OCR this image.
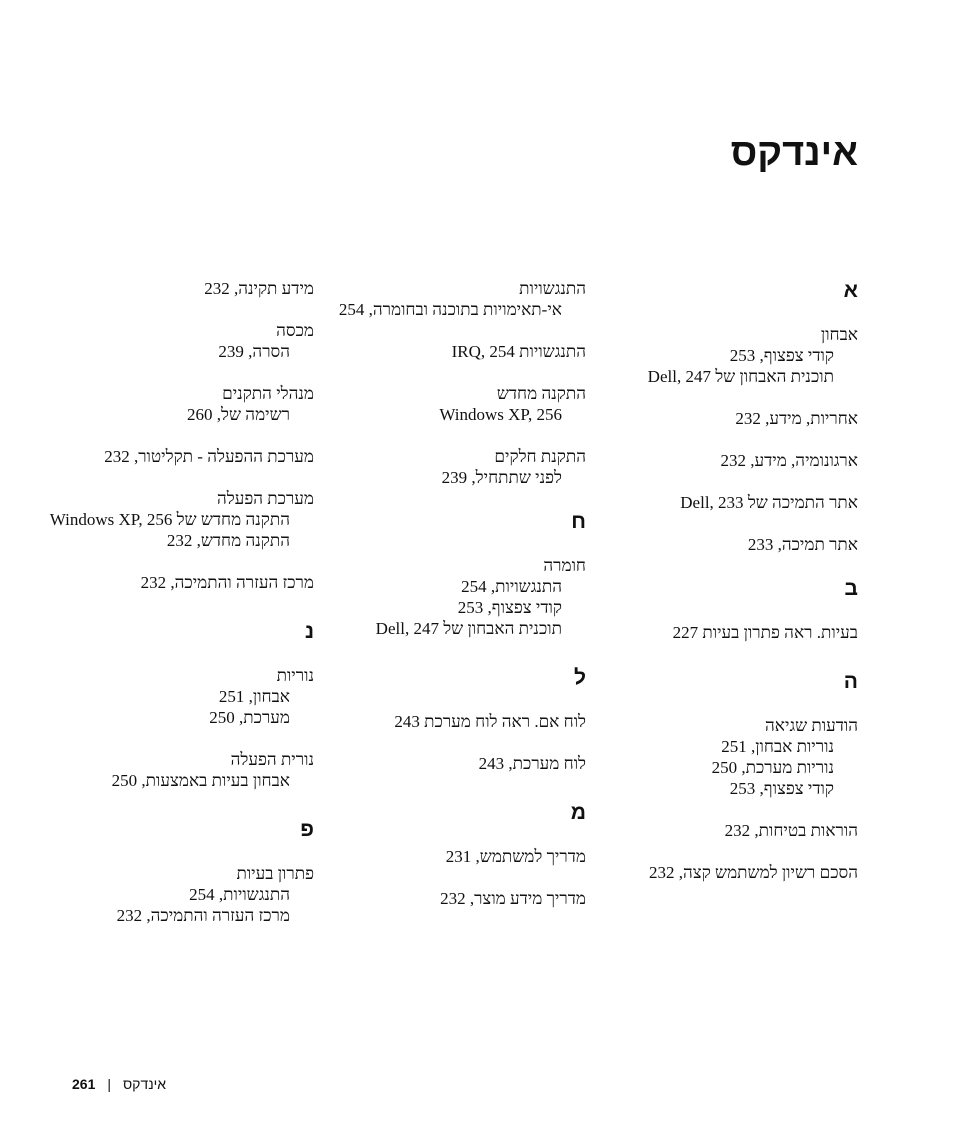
אינדקס
א
אבחון
קודי צפצוף, 253
תוכנית האבחון של Dell, 247
אחריות, מידע, 232
ארגונומיה, מידע, 232
אתר התמיכה של Dell, 233
אתר תמיכה, 233
ב
בעיות. ראה פתרון בעיות 227
ה
הודעות שגיאה
נוריות אבחון, 251
נוריות מערכת, 250
קודי צפצוף, 253
הוראות בטיחות, 232
הסכם רשיון למשתמש קצה, 232
התנגשויות
אי-תאימויות בתוכנה ובחומרה, 254
התנגשויות IRQ, 254
התקנה מחדש
Windows XP, 256
התקנת חלקים
לפני שתתחיל, 239
ח
חומרה
התנגשויות, 254
קודי צפצוף, 253
תוכנית האבחון של Dell, 247
ל
לוח אם. ראה לוח מערכת 243
לוח מערכת, 243
מ
מדריך למשתמש, 231
מדריך מידע מוצר, 232
מידע תקינה, 232
מכסה
הסרה, 239
מנהלי התקנים
רשימה של, 260
מערכת ההפעלה - תקליטור, 232
מערכת הפעלה
התקנה מחדש של Windows XP, 256
התקנה מחדש, 232
מרכז העזרה והתמיכה, 232
נ
נוריות
אבחון, 251
מערכת, 250
נורית הפעלה
אבחון בעיות באמצעות, 250
פ
פתרון בעיות
התנגשויות, 254
מרכז העזרה והתמיכה, 232
261 | אינדקס
